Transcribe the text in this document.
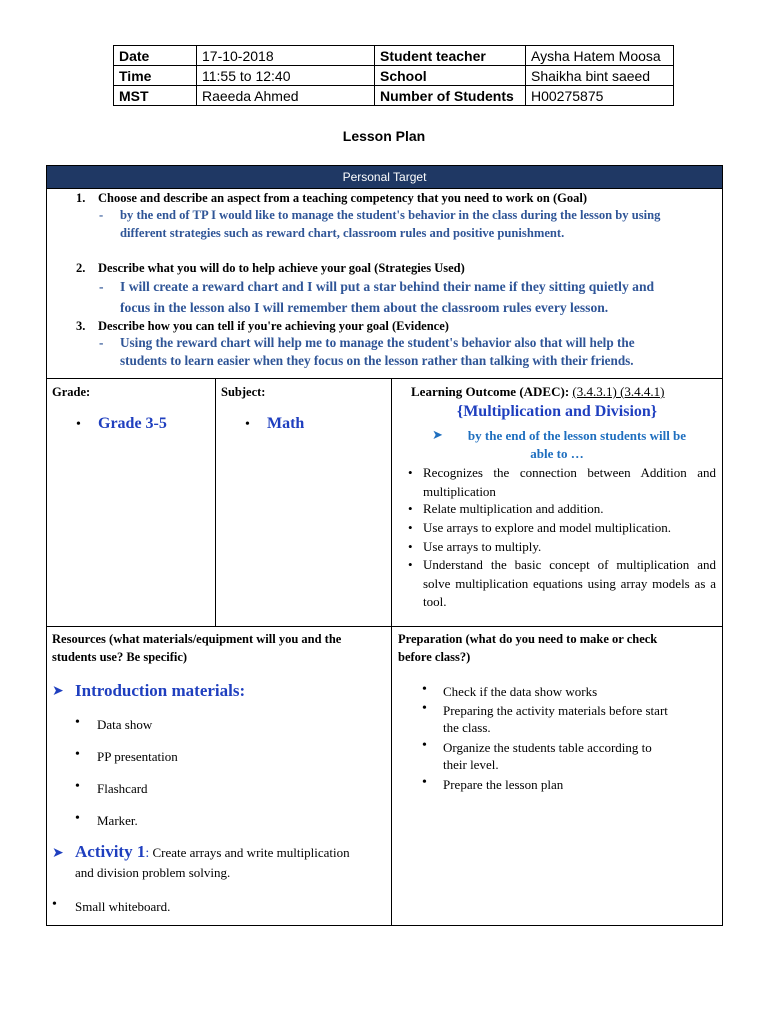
Date	17-10-2018	Student teacher	Aysha Hatem Moosa
Time	11:55 to 12:40	School	Shaikha bint saeed
MST	Raeeda Ahmed	Number of Students	H00275875
Lesson Plan
Personal Target
1. Choose and describe an aspect from a teaching competency that you need to work on (Goal)
- by the end of TP I would like to manage the student's behavior in the class during the lesson by using
different strategies such as reward chart, classroom rules and positive punishment.
2. Describe what you will do to help achieve your goal (Strategies Used)
- I will create a reward chart and I will put a star behind their name if they sitting quietly and
focus in the lesson also I will remember them about the classroom rules every lesson.
3. Describe how you can tell if you're achieving your goal (Evidence)
- Using the reward chart will help me to manage the student's behavior also that will help the
students to learn easier when they focus on the lesson rather than talking with their friends.
Grade:
• Grade 3-5
Subject:
• Math
Learning Outcome (ADEC): (3.4.3.1) (3.4.4.1)
{Multiplication and Division}
➤	by the end of the lesson students will be
able to …
• Recognizes the connection between Addition and multiplication
• Relate multiplication and addition.
• Use arrays to explore and model multiplication.
• Use arrays to multiply.
• Understand the basic concept of multiplication and solve multiplication equations using array models as a tool.
Resources (what materials/equipment will you and the
students use? Be specific)
➤ Introduction materials:
• Data show
• PP presentation
• Flashcard
• Marker.
➤ Activity 1: Create arrays and write multiplication
and division problem solving.
• Small whiteboard.
Preparation (what do you need to make or check
before class?)
• Check if the data show works
• Preparing the activity materials before start
the class.
• Organize the students table according to
their level.
• Prepare the lesson plan
